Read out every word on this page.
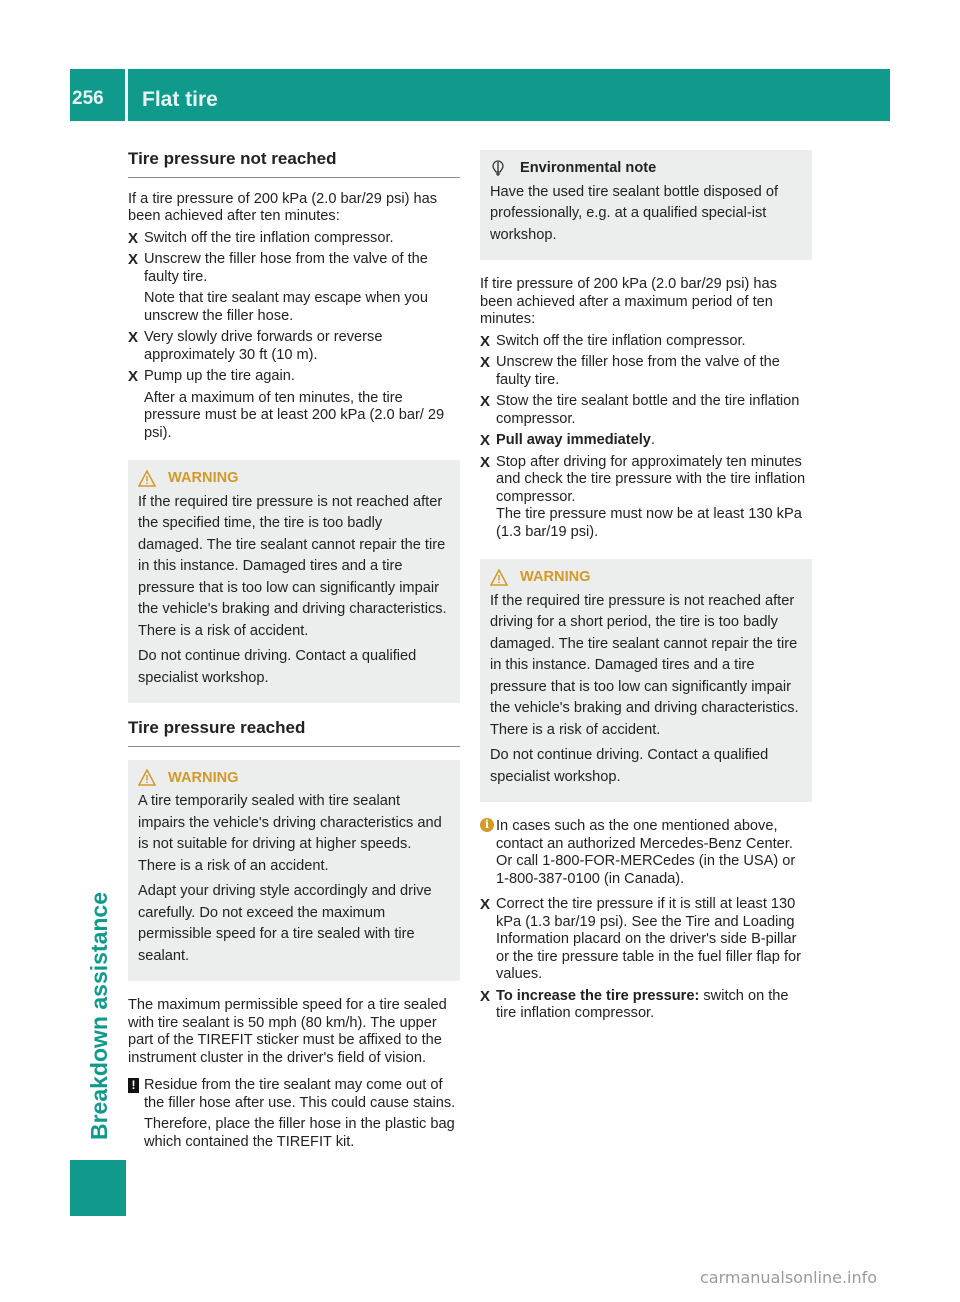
256	Flat tire
Breakdown assistance
Tire pressure not reached

If a tire pressure of 200 kPa (2.0 bar/29 psi) has been achieved after ten minutes:

X Switch off the tire inflation compressor.
X Unscrew the filler hose from the valve of the faulty tire.
Note that tire sealant may escape when you unscrew the filler hose.
X Very slowly drive forwards or reverse approximately 30 ft (10 m).
X Pump up the tire again.
After a maximum of ten minutes, the tire pressure must be at least 200 kPa (2.0 bar/ 29 psi).
WARNING

If the required tire pressure is not reached after the specified time, the tire is too badly damaged. The tire sealant cannot repair the tire in this instance. Damaged tires and a tire pressure that is too low can significantly impair the vehicle's braking and driving characteristics. There is a risk of accident.

Do not continue driving. Contact a qualified specialist workshop.

Tire pressure reached
WARNING

A tire temporarily sealed with tire sealant impairs the vehicle's driving characteristics and is not suitable for driving at higher speeds. There is a risk of an accident.

Adapt your driving style accordingly and drive carefully. Do not exceed the maximum permissible speed for a tire sealed with tire sealant.

The maximum permissible speed for a tire sealed with tire sealant is 50 mph (80 km/h). The upper part of the TIREFIT sticker must be affixed to the instrument cluster in the driver's field of vision.

! Residue from the tire sealant may come out of the filler hose after use. This could cause stains.

Therefore, place the filler hose in the plastic bag which contained the TIREFIT kit.

Environmental note

Have the used tire sealant bottle disposed of professionally, e.g. at a qualified special-ist workshop.

If tire pressure of 200 kPa (2.0 bar/29 psi) has been achieved after a maximum period of ten minutes:

X Switch off the tire inflation compressor.
X Unscrew the filler hose from the valve of the faulty tire.
X Stow the tire sealant bottle and the tire inflation compressor.
X Pull away immediately.
X Stop after driving for approximately ten minutes and check the tire pressure with the tire inflation compressor.
The tire pressure must now be at least 130 kPa (1.3 bar/19 psi).
WARNING

If the required tire pressure is not reached after driving for a short period, the tire is too badly damaged. The tire sealant cannot repair the tire in this instance. Damaged tires and a tire pressure that is too low can significantly impair the vehicle's braking and driving characteristics. There is a risk of accident.

Do not continue driving. Contact a qualified specialist workshop.

i In cases such as the one mentioned above, contact an authorized Mercedes-Benz Center. Or call 1-800-FOR-MERCedes (in the USA) or 1-800-387-0100 (in Canada).

X Correct the tire pressure if it is still at least 130 kPa (1.3 bar/19 psi). See the Tire and Loading Information placard on the driver's side B-pillar or the tire pressure table in the fuel filler flap for values.
X To increase the tire pressure: switch on the tire inflation compressor.
carmanualsonline.info
